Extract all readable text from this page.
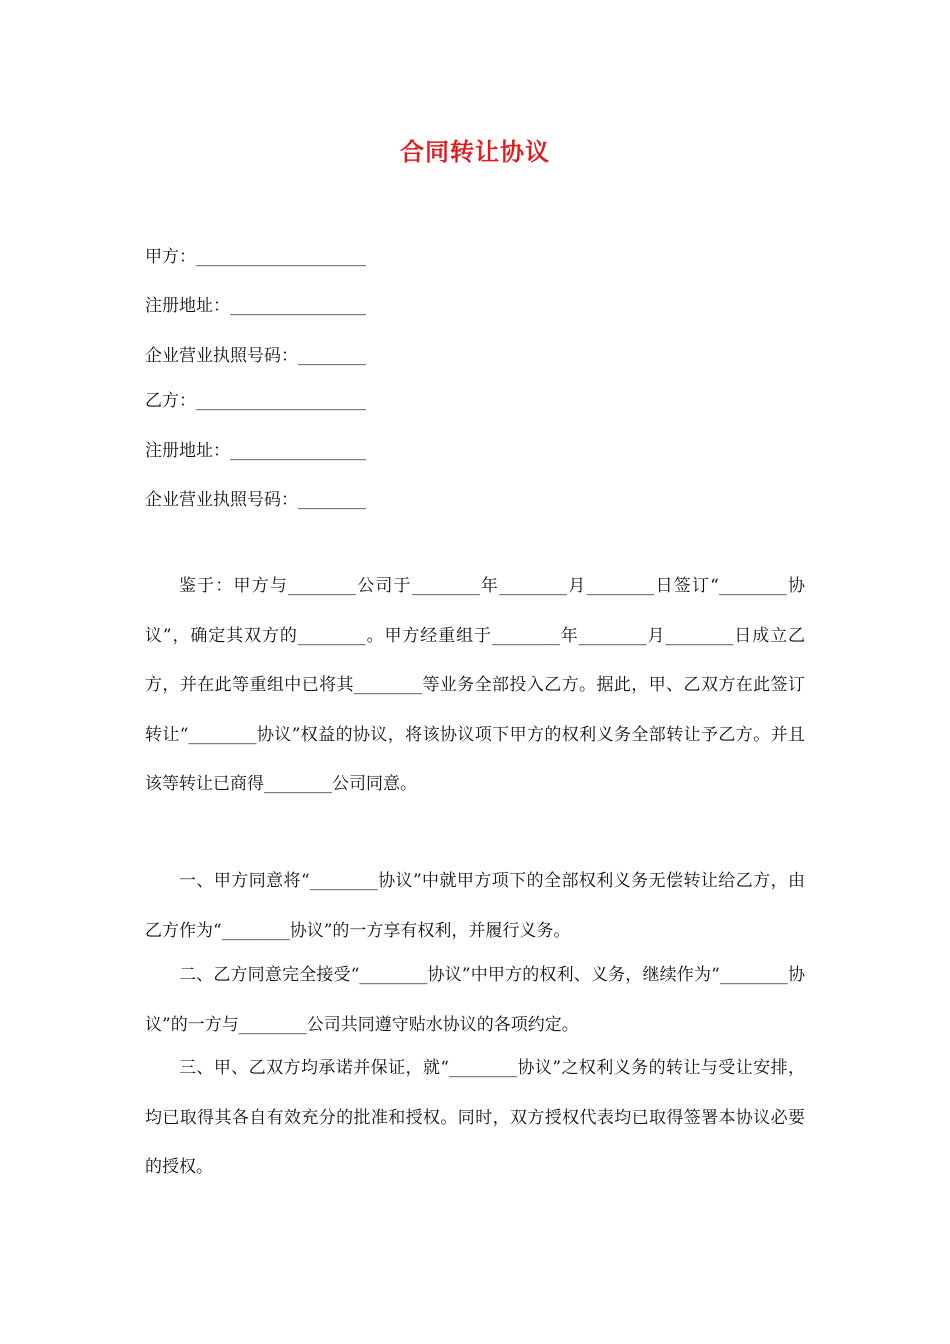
合同转让协议
甲方：____________________
注册地址：________________
企业营业执照号码：________
乙方：____________________
注册地址：________________
企业营业执照号码：________

鉴于：甲方与________公司于________年________月________日签订“________协议”，确定其双方的________。甲方经重组于________年________月________日成立乙方，并在此等重组中已将其________等业务全部投入乙方。据此，甲、乙双方在此签订转让“________协议”权益的协议，将该协议项下甲方的权利义务全部转让予乙方。并且该等转让已商得________公司同意。

一、甲方同意将“________协议”中就甲方项下的全部权利义务无偿转让给乙方，由乙方作为“________协议”的一方享有权利，并履行义务。

二、乙方同意完全接受“________协议”中甲方的权利、义务，继续作为“________协议”的一方与________公司共同遵守贴水协议的各项约定。

三、甲、乙双方均承诺并保证，就“________协议”之权利义务的转让与受让安排，均已取得其各自有效充分的批准和授权。同时，双方授权代表均已取得签署本协议必要的授权。
